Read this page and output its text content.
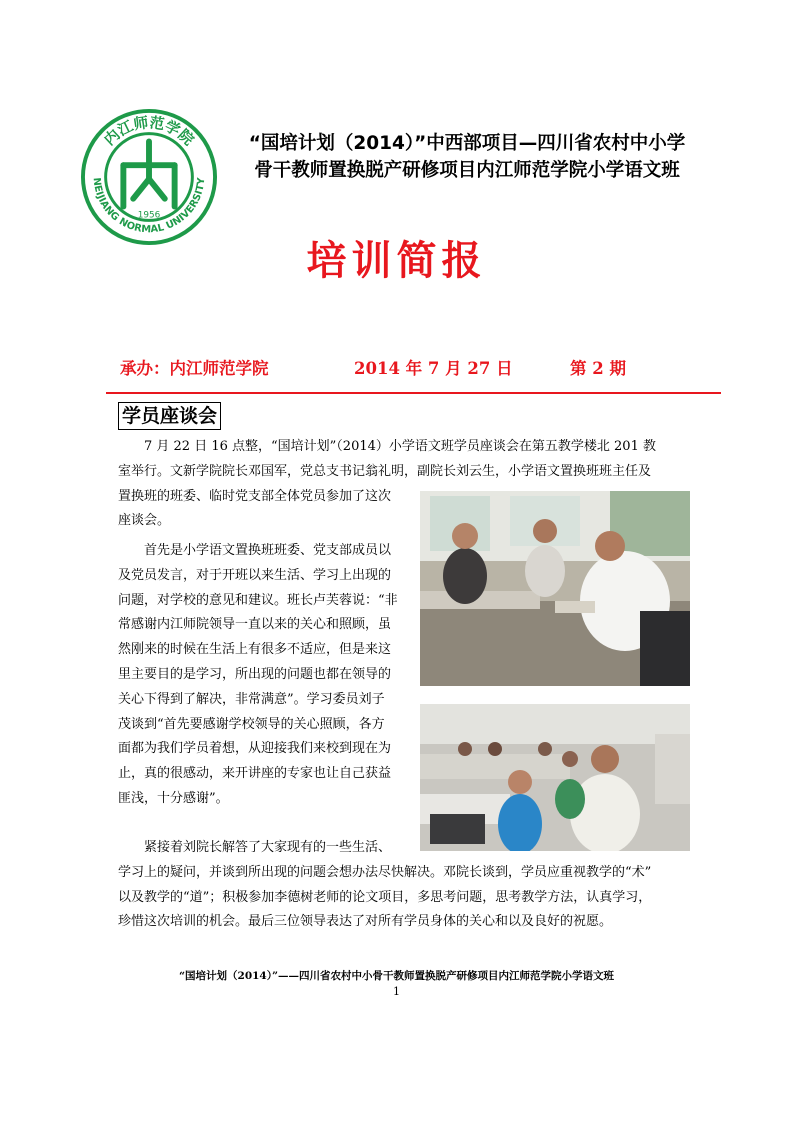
内江师范学院
NEIJIANG NORMAL UNIVERSITY
1956
“国培计划（2014）”中西部项目—四川省农村中小学
骨干教师置换脱产研修项目内江师范学院小学语文班
培训简报
承办：内江师范学院	2014 年 7 月 27 日	第 2 期
学员座谈会
7 月 22 日 16 点整，“国培计划”（2014）小学语文班学员座谈会在第五教学楼北 201 教
室举行。文新学院院长邓国军，党总支书记翁礼明，副院长刘云生，小学语文置换班班主任及
置换班的班委、临时党支部全体党员参加了这次
座谈会。
首先是小学语文置换班班委、党支部成员以
及党员发言，对于开班以来生活、学习上出现的
问题，对学校的意见和建议。班长卢芙蓉说：“非
常感谢内江师院领导一直以来的关心和照顾，虽
然刚来的时候在生活上有很多不适应，但是来这
里主要目的是学习，所出现的问题也都在领导的
关心下得到了解决，非常满意”。学习委员刘子
茂谈到“首先要感谢学校领导的关心照顾，各方
面都为我们学员着想，从迎接我们来校到现在为
止，真的很感动，来开讲座的专家也让自己获益
匪浅，十分感谢”。
紧接着刘院长解答了大家现有的一些生活、
学习上的疑问，并谈到所出现的问题会想办法尽快解决。邓院长谈到，学员应重视教学的“术”
以及教学的“道”；积极参加李德树老师的论文项目，多思考问题，思考教学方法，认真学习，
珍惜这次培训的机会。最后三位领导表达了对所有学员身体的关心和以及良好的祝愿。
“国培计划（2014）”——四川省农村中小骨干教师置换脱产研修项目内江师范学院小学语文班
1
